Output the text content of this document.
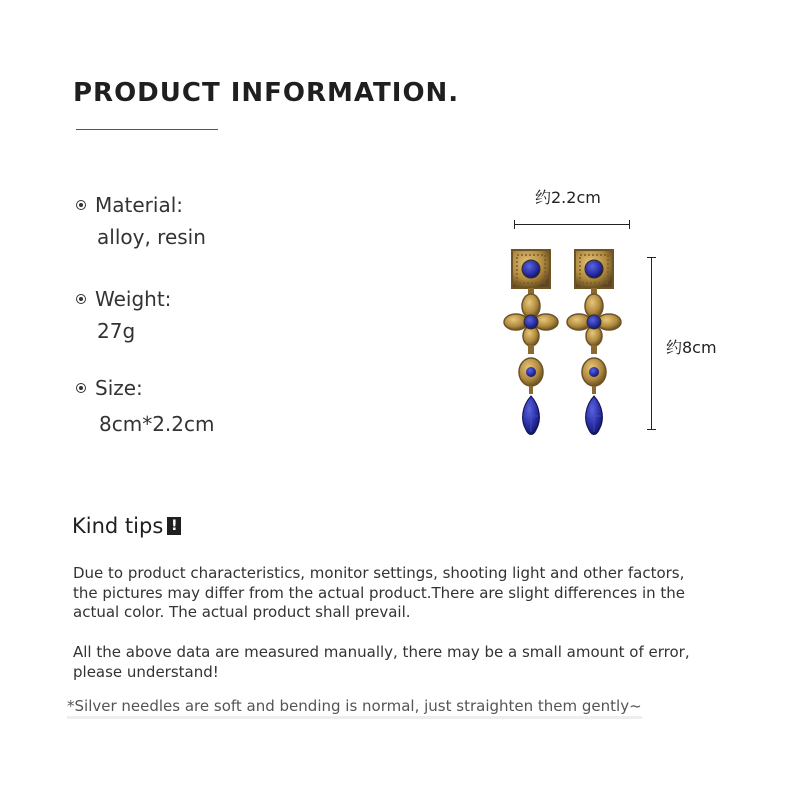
PRODUCT INFORMATION.
Material:
alloy, resin
Weight:
27g
Size:
8cm*2.2cm
约2.2cm
约8cm
Kind tips !

Due to product characteristics, monitor settings, shooting light and other factors, the pictures may differ from the actual product.There are slight differences in the actual color. The actual product shall prevail.

All the above data are measured manually, there may be a small amount of error, please understand!

*Silver needles are soft and bending is normal, just straighten them gently~
